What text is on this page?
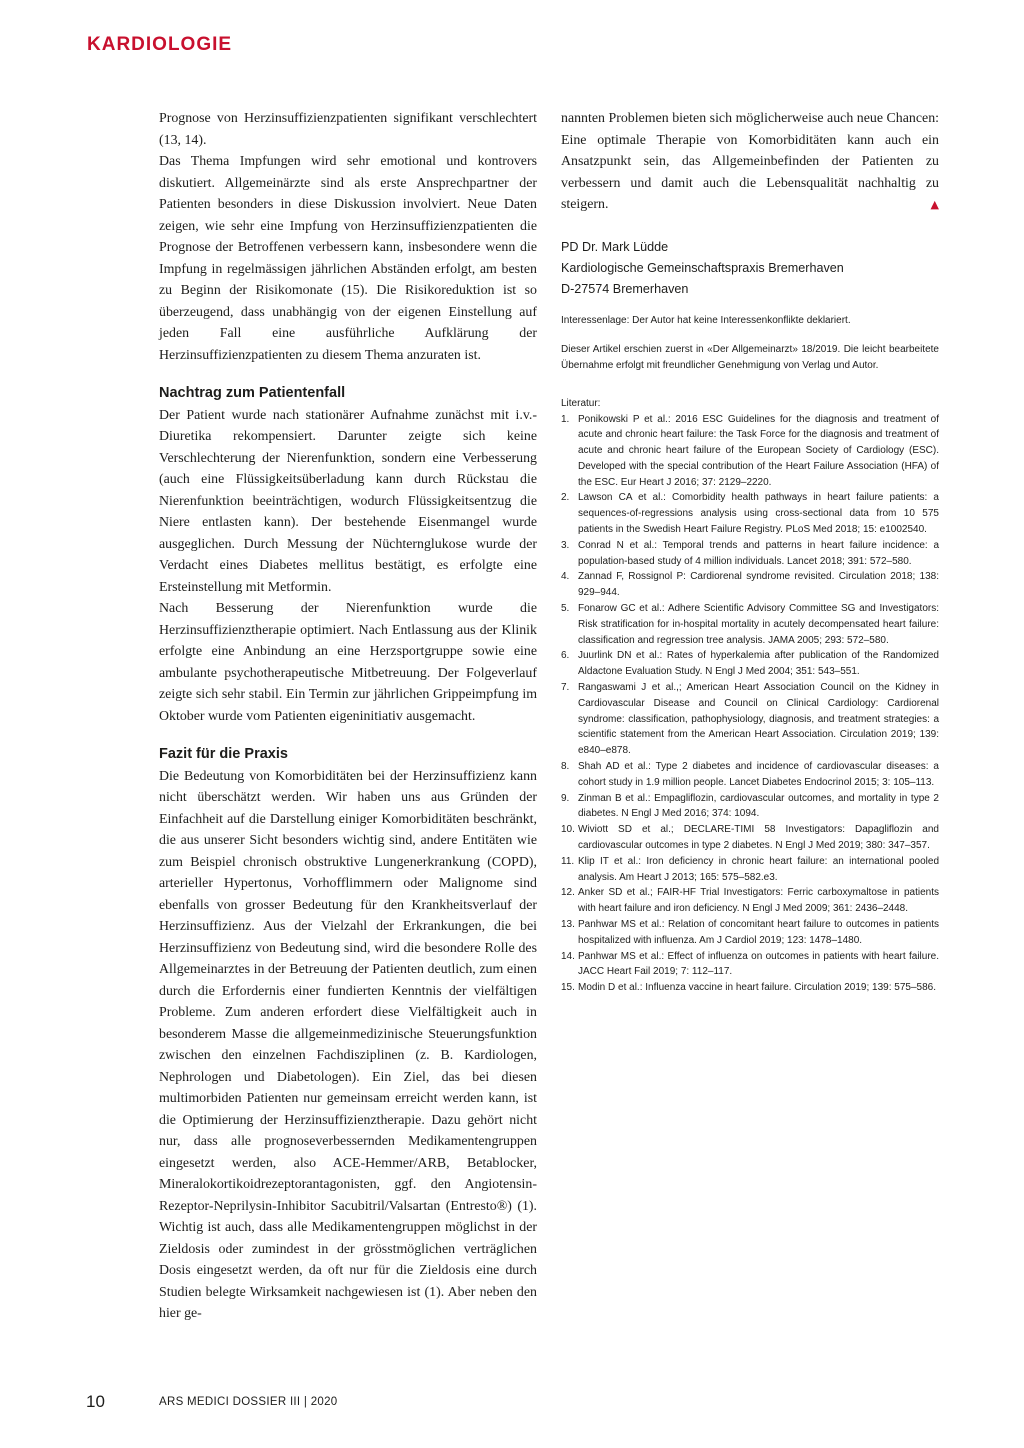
KARDIOLOGIE

Prognose von Herzinsuffizienzpatienten signifikant verschlechtert (13, 14).

Das Thema Impfungen wird sehr emotional und kontrovers diskutiert. Allgemeinärzte sind als erste Ansprechpartner der Patienten besonders in diese Diskussion involviert. Neue Daten zeigen, wie sehr eine Impfung von Herzinsuffizienzpatienten die Prognose der Betroffenen verbessern kann, insbesondere wenn die Impfung in regelmässigen jährlichen Abständen erfolgt, am besten zu Beginn der Risikomonate (15). Die Risikoreduktion ist so überzeugend, dass unabhängig von der eigenen Einstellung auf jeden Fall eine ausführliche Aufklärung der Herzinsuffizienzpatienten zu diesem Thema anzuraten ist.

Nachtrag zum Patientenfall

Der Patient wurde nach stationärer Aufnahme zunächst mit i.v.-Diuretika rekompensiert. Darunter zeigte sich keine Verschlechterung der Nierenfunktion, sondern eine Verbesserung (auch eine Flüssigkeitsüberladung kann durch Rückstau die Nierenfunktion beeinträchtigen, wodurch Flüssigkeitsentzug die Niere entlasten kann). Der bestehende Eisenmangel wurde ausgeglichen. Durch Messung der Nüchternglukose wurde der Verdacht eines Diabetes mellitus bestätigt, es erfolgte eine Ersteinstellung mit Metformin.

Nach Besserung der Nierenfunktion wurde die Herzinsuffizienztherapie optimiert. Nach Entlassung aus der Klinik erfolgte eine Anbindung an eine Herzsportgruppe sowie eine ambulante psychotherapeutische Mitbetreuung. Der Folgeverlauf zeigte sich sehr stabil. Ein Termin zur jährlichen Grippeimpfung im Oktober wurde vom Patienten eigeninitiativ ausgemacht.

Fazit für die Praxis

Die Bedeutung von Komorbiditäten bei der Herzinsuffizienz kann nicht überschätzt werden. Wir haben uns aus Gründen der Einfachheit auf die Darstellung einiger Komorbiditäten beschränkt, die aus unserer Sicht besonders wichtig sind, andere Entitäten wie zum Beispiel chronisch obstruktive Lungenerkrankung (COPD), arterieller Hypertonus, Vorhofflimmern oder Malignome sind ebenfalls von grosser Bedeutung für den Krankheitsverlauf der Herzinsuffizienz. Aus der Vielzahl der Erkrankungen, die bei Herzinsuffizienz von Bedeutung sind, wird die besondere Rolle des Allgemeinarztes in der Betreuung der Patienten deutlich, zum einen durch die Erfordernis einer fundierten Kenntnis der vielfältigen Probleme. Zum anderen erfordert diese Vielfältigkeit auch in besonderem Masse die allgemeinmedizinische Steuerungsfunktion zwischen den einzelnen Fachdisziplinen (z. B. Kardiologen, Nephrologen und Diabetologen). Ein Ziel, das bei diesen multimorbiden Patienten nur gemeinsam erreicht werden kann, ist die Optimierung der Herzinsuffizienztherapie. Dazu gehört nicht nur, dass alle prognoseverbessernden Medikamentengruppen eingesetzt werden, also ACE-Hemmer/ARB, Betablocker, Mineralokortikoidrezeptorantagonisten, ggf. den Angiotensin-Rezeptor-Neprilysin-Inhibitor Sacubitril/Valsartan (Entresto®) (1). Wichtig ist auch, dass alle Medikamentengruppen möglichst in der Zieldosis oder zumindest in der grösstmöglichen verträglichen Dosis eingesetzt werden, da oft nur für die Zieldosis eine durch Studien belegte Wirksamkeit nachgewiesen ist (1). Aber neben den hier ge-

nannten Problemen bieten sich möglicherweise auch neue Chancen: Eine optimale Therapie von Komorbiditäten kann auch ein Ansatzpunkt sein, das Allgemeinbefinden der Patienten zu verbessern und damit auch die Lebensqualität nachhaltig zu steigern.	▲

PD Dr. Mark Lüdde
Kardiologische Gemeinschaftspraxis Bremerhaven
D-27574 Bremerhaven

Interessenlage: Der Autor hat keine Interessenkonflikte deklariert.

Dieser Artikel erschien zuerst in «Der Allgemeinarzt» 18/2019. Die leicht bearbeitete Übernahme erfolgt mit freundlicher Genehmigung von Verlag und Autor.

Literatur:

1. Ponikowski P et al.: 2016 ESC Guidelines for the diagnosis and treatment of acute and chronic heart failure: the Task Force for the diagnosis and treatment of acute and chronic heart failure of the European Society of Cardiology (ESC). Developed with the special contribution of the Heart Failure Association (HFA) of the ESC. Eur Heart J 2016; 37: 2129–2220.
2. Lawson CA et al.: Comorbidity health pathways in heart failure patients: a sequences-of-regressions analysis using cross-sectional data from 10 575 patients in the Swedish Heart Failure Registry. PLoS Med 2018; 15: e1002540.
3. Conrad N et al.: Temporal trends and patterns in heart failure incidence: a population-based study of 4 million individuals. Lancet 2018; 391: 572–580.
4. Zannad F, Rossignol P: Cardiorenal syndrome revisited. Circulation 2018; 138: 929–944.
5. Fonarow GC et al.: Adhere Scientific Advisory Committee SG and Investigators: Risk stratification for in-hospital mortality in acutely decompensated heart failure: classification and regression tree analysis. JAMA 2005; 293: 572–580.
6. Juurlink DN et al.: Rates of hyperkalemia after publication of the Randomized Aldactone Evaluation Study. N Engl J Med 2004; 351: 543–551.
7. Rangaswami J et al.,; American Heart Association Council on the Kidney in Cardiovascular Disease and Council on Clinical Cardiology: Cardiorenal syndrome: classification, pathophysiology, diagnosis, and treatment strategies: a scientific statement from the American Heart Association. Circulation 2019; 139: e840–e878.
8. Shah AD et al.: Type 2 diabetes and incidence of cardiovascular diseases: a cohort study in 1.9 million people. Lancet Diabetes Endocrinol 2015; 3: 105–113.
9. Zinman B et al.: Empagliflozin, cardiovascular outcomes, and mortality in type 2 diabetes. N Engl J Med 2016; 374: 1094.
10. Wiviott SD et al.; DECLARE-TIMI 58 Investigators: Dapagliflozin and cardiovascular outcomes in type 2 diabetes. N Engl J Med 2019; 380: 347–357.
11. Klip IT et al.: Iron deficiency in chronic heart failure: an international pooled analysis. Am Heart J 2013; 165: 575–582.e3.
12. Anker SD et al.; FAIR-HF Trial Investigators: Ferric carboxymaltose in patients with heart failure and iron deficiency. N Engl J Med 2009; 361: 2436–2448.
13. Panhwar MS et al.: Relation of concomitant heart failure to outcomes in patients hospitalized with influenza. Am J Cardiol 2019; 123: 1478–1480.
14. Panhwar MS et al.: Effect of influenza on outcomes in patients with heart failure. JACC Heart Fail 2019; 7: 112–117.
15. Modin D et al.: Influenza vaccine in heart failure. Circulation 2019; 139: 575–586.
10	ARS MEDICI DOSSIER III | 2020
